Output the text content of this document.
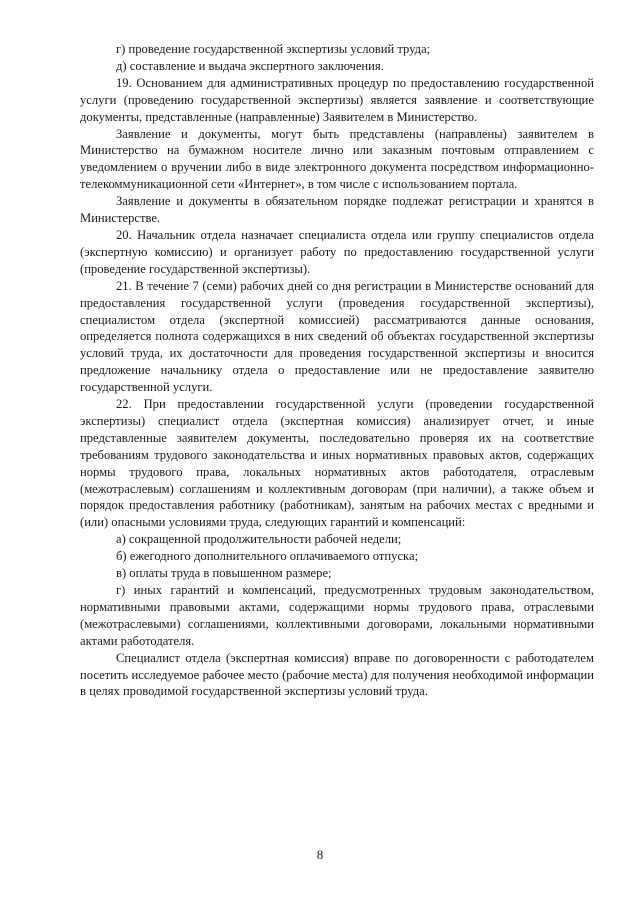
г) проведение государственной экспертизы условий труда;

д) составление и выдача экспертного заключения.

19. Основанием для административных процедур по предоставлению государственной услуги (проведению государственной экспертизы) является заявление и соответствующие документы, представленные (направленные) Заявителем в Министерство.

Заявление и документы, могут быть представлены (направлены) заявителем в Министерство на бумажном носителе лично или заказным почтовым отправлением с уведомлением о вручении либо в виде электронного документа посредством информационно-телекоммуникационной сети «Интернет», в том числе с использованием портала.

Заявление и документы в обязательном порядке подлежат регистрации и хранятся в Министерстве.

20. Начальник отдела назначает специалиста отдела или группу специалистов отдела (экспертную комиссию) и организует работу по предоставлению государственной услуги (проведение государственной экспертизы).

21. В течение 7 (семи) рабочих дней со дня регистрации в Министерстве оснований для предоставления государственной услуги (проведения государственной экспертизы), специалистом отдела (экспертной комиссией) рассматриваются данные основания, определяется полнота содержащихся в них сведений об объектах государственной экспертизы условий труда, их достаточности для проведения государственной экспертизы и вносится предложение начальнику отдела о предоставление или не предоставление заявителю государственной услуги.

22. При предоставлении государственной услуги (проведении государственной экспертизы) специалист отдела (экспертная комиссия) анализирует отчет, и иные представленные заявителем документы, последовательно проверяя их на соответствие требованиям трудового законодательства и иных нормативных правовых актов, содержащих нормы трудового права, локальных нормативных актов работодателя, отраслевым (межотраслевым) соглашениям и коллективным договорам (при наличии), а также объем и порядок предоставления работнику (работникам), занятым на рабочих местах с вредными и (или) опасными условиями труда, следующих гарантий и компенсаций:

а) сокращенной продолжительности рабочей недели;

б) ежегодного дополнительного оплачиваемого отпуска;

в) оплаты труда в повышенном размере;

г) иных гарантий и компенсаций, предусмотренных трудовым законодательством, нормативными правовыми актами, содержащими нормы трудового права, отраслевыми (межотраслевыми) соглашениями, коллективными договорами, локальными нормативными актами работодателя.

Специалист отдела (экспертная комиссия) вправе по договоренности с работодателем посетить исследуемое рабочее место (рабочие места) для получения необходимой информации в целях проводимой государственной экспертизы условий труда.

8
